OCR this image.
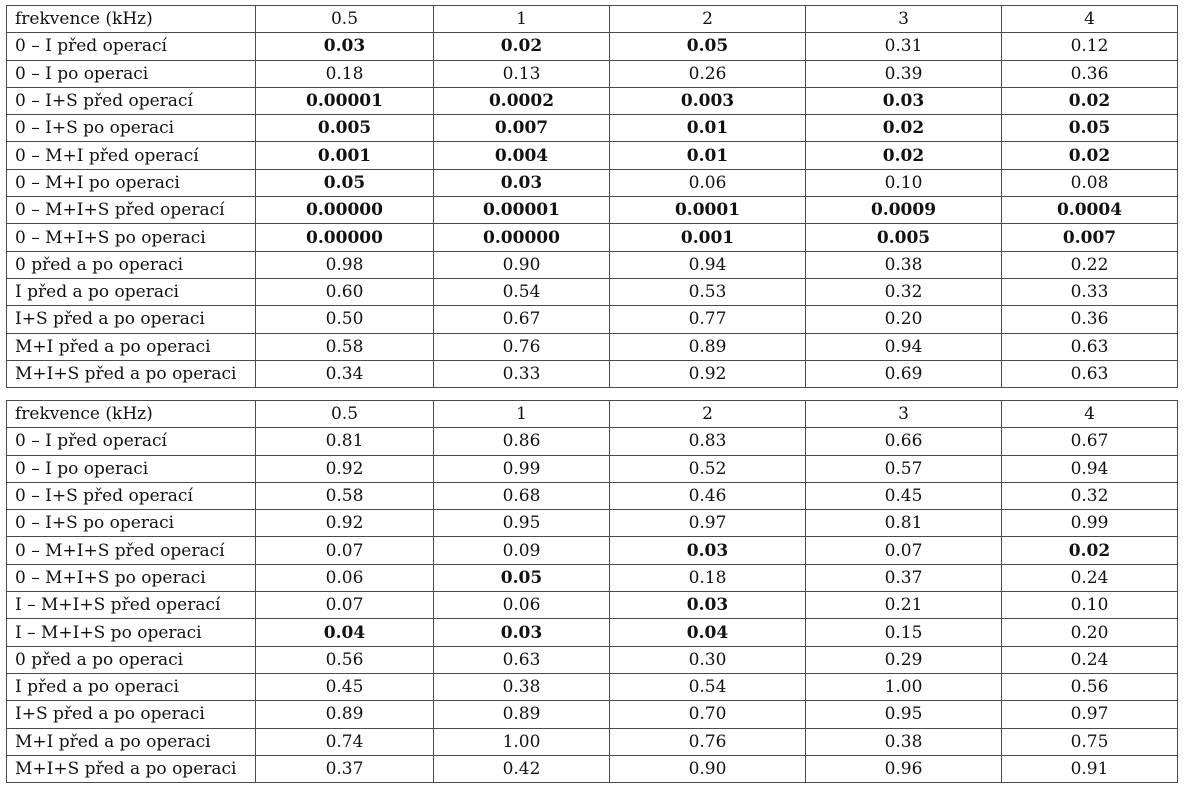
frekvence (kHz)	0.5	1	2	3	4
0 – I před operací	0.03	0.02	0.05	0.31	0.12
0 – I po operaci	0.18	0.13	0.26	0.39	0.36
0 – I+S před operací	0.00001	0.0002	0.003	0.03	0.02
0 – I+S po operaci	0.005	0.007	0.01	0.02	0.05
0 – M+I před operací	0.001	0.004	0.01	0.02	0.02
0 – M+I po operaci	0.05	0.03	0.06	0.10	0.08
0 – M+I+S před operací	0.00000	0.00001	0.0001	0.0009	0.0004
0 – M+I+S po operaci	0.00000	0.00000	0.001	0.005	0.007
0 před a po operaci	0.98	0.90	0.94	0.38	0.22
I před a po operaci	0.60	0.54	0.53	0.32	0.33
I+S před a po operaci	0.50	0.67	0.77	0.20	0.36
M+I před a po operaci	0.58	0.76	0.89	0.94	0.63
M+I+S před a po operaci	0.34	0.33	0.92	0.69	0.63
frekvence (kHz)	0.5	1	2	3	4
0 – I před operací	0.81	0.86	0.83	0.66	0.67
0 – I po operaci	0.92	0.99	0.52	0.57	0.94
0 – I+S před operací	0.58	0.68	0.46	0.45	0.32
0 – I+S po operaci	0.92	0.95	0.97	0.81	0.99
0 – M+I+S před operací	0.07	0.09	0.03	0.07	0.02
0 – M+I+S po operaci	0.06	0.05	0.18	0.37	0.24
I – M+I+S před operací	0.07	0.06	0.03	0.21	0.10
I – M+I+S po operaci	0.04	0.03	0.04	0.15	0.20
0 před a po operaci	0.56	0.63	0.30	0.29	0.24
I před a po operaci	0.45	0.38	0.54	1.00	0.56
I+S před a po operaci	0.89	0.89	0.70	0.95	0.97
M+I před a po operaci	0.74	1.00	0.76	0.38	0.75
M+I+S před a po operaci	0.37	0.42	0.90	0.96	0.91
